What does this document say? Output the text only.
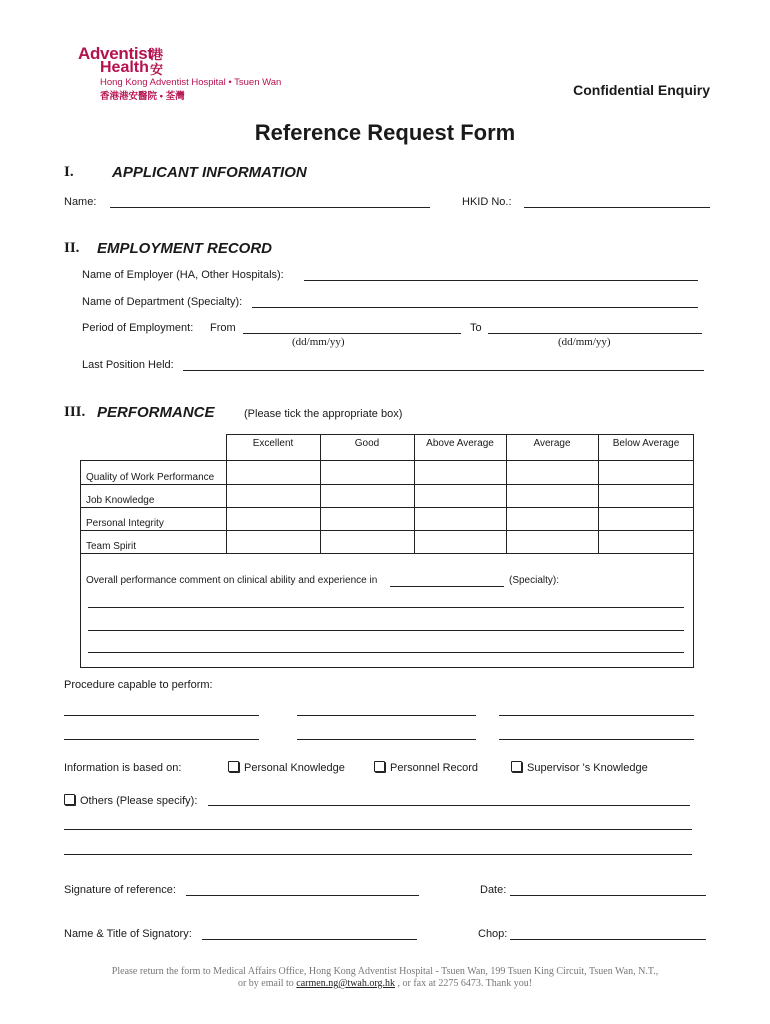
Adventist
港
Health 安
Hong Kong Adventist Hospital • Tsuen Wan
香港港安醫院 • 荃灣	Confidential Enquiry
Reference Request Form
I.	APPLICANT INFORMATION
Name:	HKID No.:
II. EMPLOYMENT RECORD
Name of Employer (HA, Other Hospitals):
Name of Department (Specialty):
Period of Employment: From	To
(dd/mm/yy)	(dd/mm/yy)
Last Position Held:
III. PERFORMANCE	(Please tick the appropriate box)
Excellent	Good	Above Average	Average	Below Average
Quality of Work Performance
Job Knowledge
Personal Integrity
Team Spirit
Overall performance comment on clinical ability and experience in	(Specialty):
Procedure capable to perform:
Information is based on:	Personal Knowledge	Personnel Record	Supervisor 's Knowledge
Others (Please specify):
Signature of reference:	Date:
Name & Title of Signatory:	Chop:
Please return the form to Medical Affairs Office, Hong Kong Adventist Hospital - Tsuen Wan, 199 Tsuen King Circuit, Tsuen Wan, N.T.,
or by email to carmen.ng@twah.org.hk , or fax at 2275 6473. Thank you!
